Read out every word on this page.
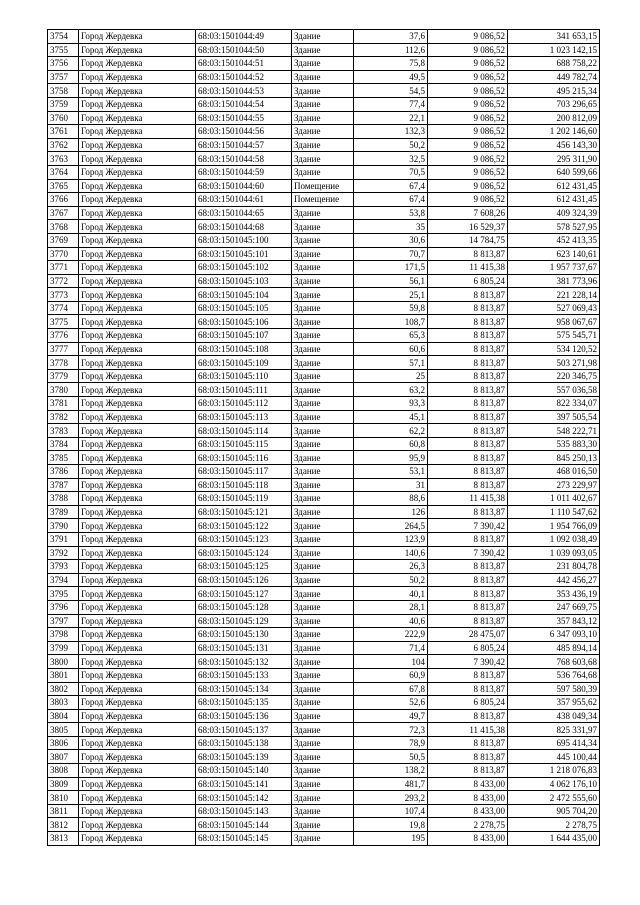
3754	Город Жердевка	68:03:1501044:49	Здание	37,6	9 086,52	341 653,15
3755	Город Жердевка	68:03:1501044:50	Здание	112,6	9 086,52	1 023 142,15
3756	Город Жердевка	68:03:1501044:51	Здание	75,8	9 086,52	688 758,22
3757	Город Жердевка	68:03:1501044:52	Здание	49,5	9 086,52	449 782,74
3758	Город Жердевка	68:03:1501044:53	Здание	54,5	9 086,52	495 215,34
3759	Город Жердевка	68:03:1501044:54	Здание	77,4	9 086,52	703 296,65
3760	Город Жердевка	68:03:1501044:55	Здание	22,1	9 086,52	200 812,09
3761	Город Жердевка	68:03:1501044:56	Здание	132,3	9 086,52	1 202 146,60
3762	Город Жердевка	68:03:1501044:57	Здание	50,2	9 086,52	456 143,30
3763	Город Жердевка	68:03:1501044:58	Здание	32,5	9 086,52	295 311,90
3764	Город Жердевка	68:03:1501044:59	Здание	70,5	9 086,52	640 599,66
3765	Город Жердевка	68:03:1501044:60	Помещение	67,4	9 086,52	612 431,45
3766	Город Жердевка	68:03:1501044:61	Помещение	67,4	9 086,52	612 431,45
3767	Город Жердевка	68:03:1501044:65	Здание	53,8	7 608,26	409 324,39
3768	Город Жердевка	68:03:1501044:68	Здание	35	16 529,37	578 527,95
3769	Город Жердевка	68:03:1501045:100	Здание	30,6	14 784,75	452 413,35
3770	Город Жердевка	68:03:1501045:101	Здание	70,7	8 813,87	623 140,61
3771	Город Жердевка	68:03:1501045:102	Здание	171,5	11 415,38	1 957 737,67
3772	Город Жердевка	68:03:1501045:103	Здание	56,1	6 805,24	381 773,96
3773	Город Жердевка	68:03:1501045:104	Здание	25,1	8 813,87	221 228,14
3774	Город Жердевка	68:03:1501045:105	Здание	59,8	8 813,87	527 069,43
3775	Город Жердевка	68:03:1501045:106	Здание	108,7	8 813,87	958 067,67
3776	Город Жердевка	68:03:1501045:107	Здание	65,3	8 813,87	575 545,71
3777	Город Жердевка	68:03:1501045:108	Здание	60,6	8 813,87	534 120,52
3778	Город Жердевка	68:03:1501045:109	Здание	57,1	8 813,87	503 271,98
3779	Город Жердевка	68:03:1501045:110	Здание	25	8 813,87	220 346,75
3780	Город Жердевка	68:03:1501045:111	Здание	63,2	8 813,87	557 036,58
3781	Город Жердевка	68:03:1501045:112	Здание	93,3	8 813,87	822 334,07
3782	Город Жердевка	68:03:1501045:113	Здание	45,1	8 813,87	397 505,54
3783	Город Жердевка	68:03:1501045:114	Здание	62,2	8 813,87	548 222,71
3784	Город Жердевка	68:03:1501045:115	Здание	60,8	8 813,87	535 883,30
3785	Город Жердевка	68:03:1501045:116	Здание	95,9	8 813,87	845 250,13
3786	Город Жердевка	68:03:1501045:117	Здание	53,1	8 813,87	468 016,50
3787	Город Жердевка	68:03:1501045:118	Здание	31	8 813,87	273 229,97
3788	Город Жердевка	68:03:1501045:119	Здание	88,6	11 415,38	1 011 402,67
3789	Город Жердевка	68:03:1501045:121	Здание	126	8 813,87	1 110 547,62
3790	Город Жердевка	68:03:1501045:122	Здание	264,5	7 390,42	1 954 766,09
3791	Город Жердевка	68:03:1501045:123	Здание	123,9	8 813,87	1 092 038,49
3792	Город Жердевка	68:03:1501045:124	Здание	140,6	7 390,42	1 039 093,05
3793	Город Жердевка	68:03:1501045:125	Здание	26,3	8 813,87	231 804,78
3794	Город Жердевка	68:03:1501045:126	Здание	50,2	8 813,87	442 456,27
3795	Город Жердевка	68:03:1501045:127	Здание	40,1	8 813,87	353 436,19
3796	Город Жердевка	68:03:1501045:128	Здание	28,1	8 813,87	247 669,75
3797	Город Жердевка	68:03:1501045:129	Здание	40,6	8 813,87	357 843,12
3798	Город Жердевка	68:03:1501045:130	Здание	222,9	28 475,07	6 347 093,10
3799	Город Жердевка	68:03:1501045:131	Здание	71,4	6 805,24	485 894,14
3800	Город Жердевка	68:03:1501045:132	Здание	104	7 390,42	768 603,68
3801	Город Жердевка	68:03:1501045:133	Здание	60,9	8 813,87	536 764,68
3802	Город Жердевка	68:03:1501045:134	Здание	67,8	8 813,87	597 580,39
3803	Город Жердевка	68:03:1501045:135	Здание	52,6	6 805,24	357 955,62
3804	Город Жердевка	68:03:1501045:136	Здание	49,7	8 813,87	438 049,34
3805	Город Жердевка	68:03:1501045:137	Здание	72,3	11 415,38	825 331,97
3806	Город Жердевка	68:03:1501045:138	Здание	78,9	8 813,87	695 414,34
3807	Город Жердевка	68:03:1501045:139	Здание	50,5	8 813,87	445 100,44
3808	Город Жердевка	68:03:1501045:140	Здание	138,2	8 813,87	1 218 076,83
3809	Город Жердевка	68:03:1501045:141	Здание	481,7	8 433,00	4 062 176,10
3810	Город Жердевка	68:03:1501045:142	Здание	293,2	8 433,00	2 472 555,60
3811	Город Жердевка	68:03:1501045:143	Здание	107,4	8 433,00	905 704,20
3812	Город Жердевка	68:03:1501045:144	Здание	19,8	2 278,75	2 278,75
3813	Город Жердевка	68:03:1501045:145	Здание	195	8 433,00	1 644 435,00
